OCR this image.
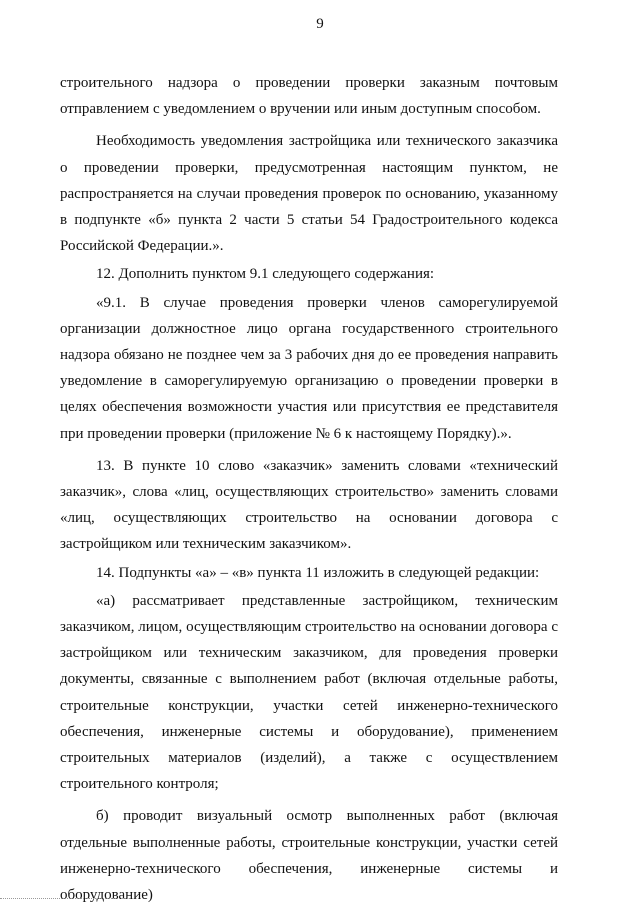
9

строительного надзора о проведении проверки заказным почтовым отправлением с уведомлением о вручении или иным доступным способом.

Необходимость уведомления застройщика или технического заказчика о проведении проверки, предусмотренная настоящим пунктом, не распространяется на случаи проведения проверок по основанию, указанному в подпункте «б» пункта 2 части 5 статьи 54 Градостроительного кодекса Российской Федерации.».

12. Дополнить пунктом 9.1 следующего содержания:

«9.1. В случае проведения проверки членов саморегулируемой организации должностное лицо органа государственного строительного надзора обязано не позднее чем за 3 рабочих дня до ее проведения направить уведомление в саморегулируемую организацию о проведении проверки в целях обеспечения возможности участия или присутствия ее представителя при проведении проверки (приложение № 6 к настоящему Порядку).».

13. В пункте 10 слово «заказчик» заменить словами «технический заказчик», слова «лиц, осуществляющих строительство» заменить словами «лиц, осуществляющих строительство на основании договора с застройщиком или техническим заказчиком».

14. Подпункты «а» – «в» пункта 11 изложить в следующей редакции:

«а) рассматривает представленные застройщиком, техническим заказчиком, лицом, осуществляющим строительство на основании договора с застройщиком или техническим заказчиком, для проведения проверки документы, связанные с выполнением работ (включая отдельные работы, строительные конструкции, участки сетей инженерно-технического обеспечения, инженерные системы и оборудование), применением строительных материалов (изделий), а также с осуществлением строительного контроля;

б) проводит визуальный осмотр выполненных работ (включая отдельные выполненные работы, строительные конструкции, участки сетей инженерно-технического обеспечения, инженерные системы и оборудование)
